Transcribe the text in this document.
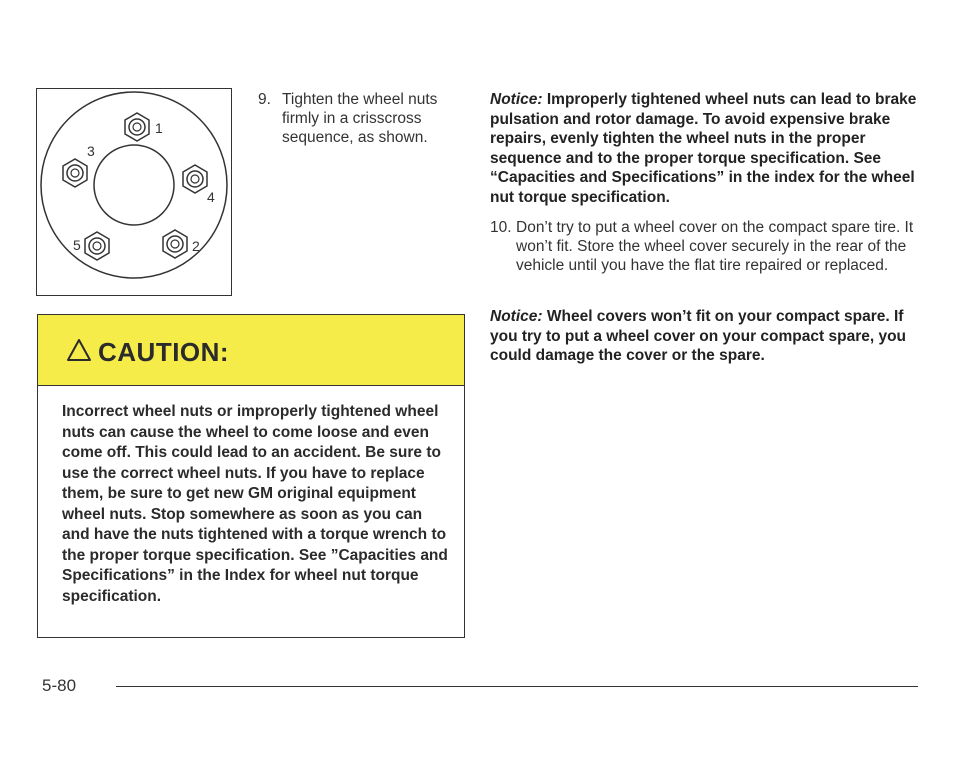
1
3
4
5	2
9. Tighten the wheel nuts firmly in a crisscross sequence, as shown.
CAUTION:
Incorrect wheel nuts or improperly tightened wheel nuts can cause the wheel to come loose and even come off. This could lead to an accident. Be sure to use the correct wheel nuts. If you have to replace them, be sure to get new GM original equipment wheel nuts. Stop somewhere as soon as you can and have the nuts tightened with a torque wrench to the proper torque specification. See ”Capacities and Specifications” in the Index for wheel nut torque specification.
Notice: Improperly tightened wheel nuts can lead to brake pulsation and rotor damage. To avoid expensive brake repairs, evenly tighten the wheel nuts in the proper sequence and to the proper torque specification. See “Capacities and Specifications” in the index for the wheel nut torque specification.
10. Don’t try to put a wheel cover on the compact spare tire. It won’t fit. Store the wheel cover securely in the rear of the vehicle until you have the flat tire repaired or replaced.
Notice: Wheel covers won’t fit on your compact spare. If you try to put a wheel cover on your compact spare, you could damage the cover or the spare.
5-80
